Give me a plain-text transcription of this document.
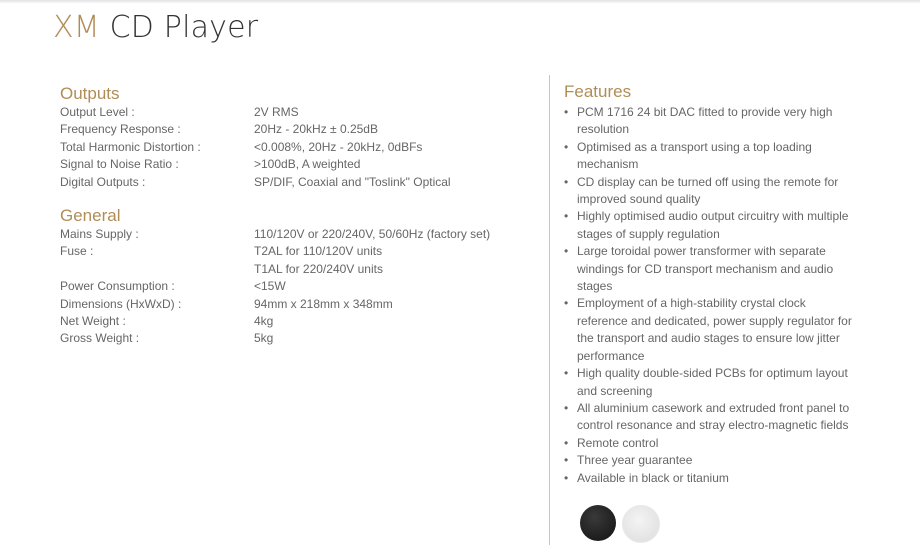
XM CD Player
Outputs
Output Level :	2V RMS
Frequency Response :	20Hz - 20kHz ± 0.25dB
Total Harmonic Distortion :	<0.008%, 20Hz - 20kHz, 0dBFs
Signal to Noise Ratio :	>100dB, A weighted
Digital Outputs :	SP/DIF, Coaxial and "Toslink" Optical
General
Mains Supply :	110/120V or 220/240V, 50/60Hz (factory set)
Fuse :	T2AL for 110/120V units
T1AL for 220/240V units
Power Consumption :	<15W
Dimensions (HxWxD) :	94mm x 218mm x 348mm
Net Weight :	4kg
Gross Weight :	5kg
Features
• PCM 1716 24 bit DAC fitted to provide very high resolution
• Optimised as a transport using a top loading mechanism
• CD display can be turned off using the remote for improved sound quality
• Highly optimised audio output circuitry with multiple stages of supply regulation
• Large toroidal power transformer with separate windings for CD transport mechanism and audio stages
• Employment of a high-stability crystal clock reference and dedicated, power supply regulator for the transport and audio stages to ensure low jitter performance
• High quality double-sided PCBs for optimum layout and screening
• All aluminium casework and extruded front panel to control resonance and stray electro-magnetic fields
• Remote control
• Three year guarantee
• Available in black or titanium
